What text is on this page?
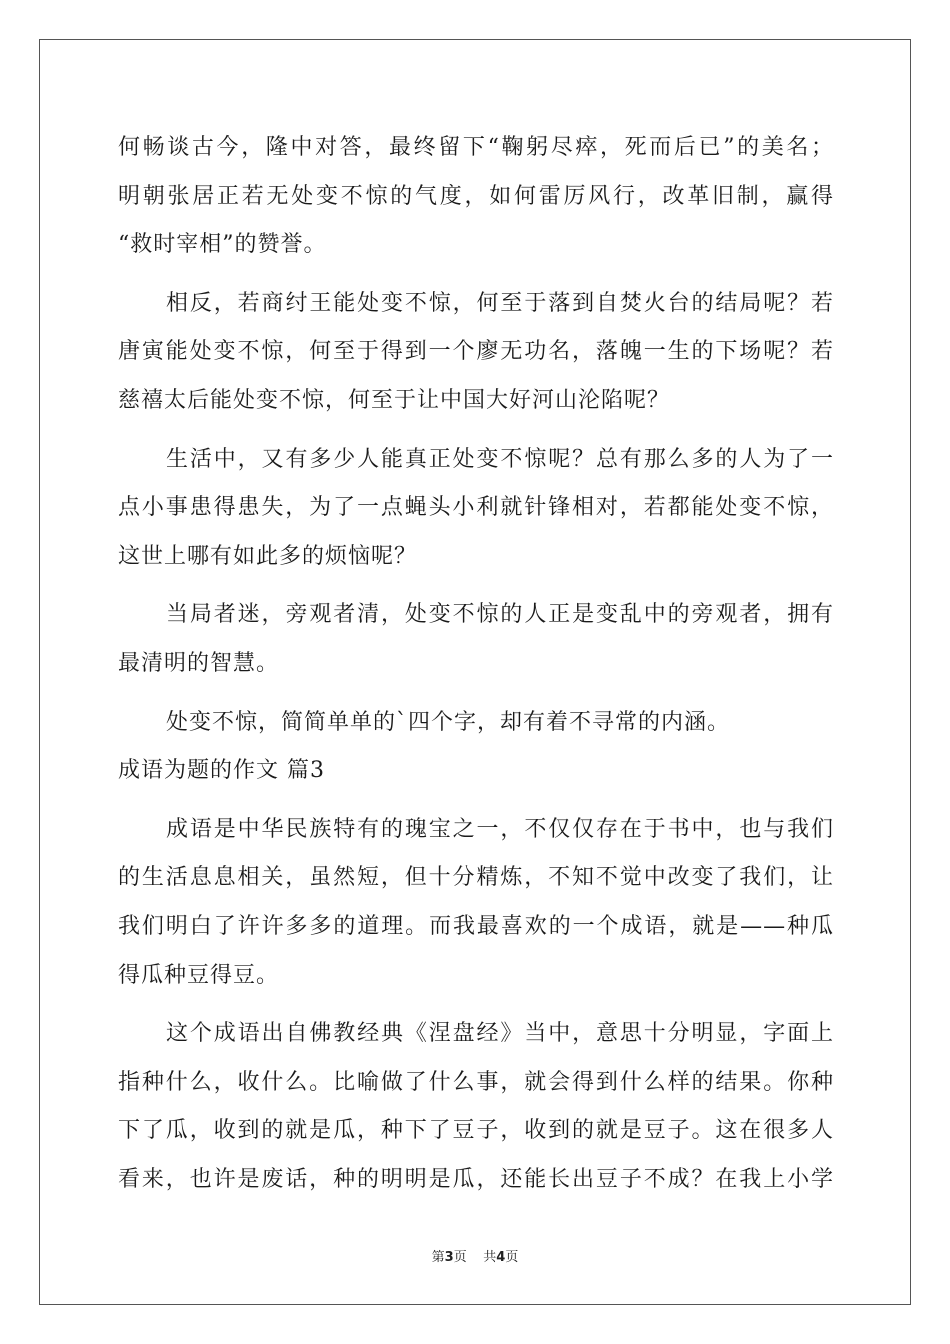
何畅谈古今，隆中对答，最终留下“鞠躬尽瘁，死而后已”的美名；
明朝张居正若无处变不惊的气度，如何雷厉风行，改革旧制，赢得
“救时宰相”的赞誉。
相反，若商纣王能处变不惊，何至于落到自焚火台的结局呢？若
唐寅能处变不惊，何至于得到一个廖无功名，落魄一生的下场呢？若
慈禧太后能处变不惊，何至于让中国大好河山沦陷呢？
生活中，又有多少人能真正处变不惊呢？总有那么多的人为了一
点小事患得患失，为了一点蝇头小利就针锋相对，若都能处变不惊，
这世上哪有如此多的烦恼呢？
当局者迷，旁观者清，处变不惊的人正是变乱中的旁观者，拥有
最清明的智慧。
处变不惊，简简单单的`四个字，却有着不寻常的内涵。
成语为题的作文 篇3
成语是中华民族特有的瑰宝之一，不仅仅存在于书中，也与我们
的生活息息相关，虽然短，但十分精炼，不知不觉中改变了我们，让
我们明白了许许多多的道理。而我最喜欢的一个成语，就是——种瓜
得瓜种豆得豆。
这个成语出自佛教经典《涅盘经》当中，意思十分明显，字面上
指种什么，收什么。比喻做了什么事，就会得到什么样的结果。你种
下了瓜，收到的就是瓜，种下了豆子，收到的就是豆子。这在很多人
看来，也许是废话，种的明明是瓜，还能长出豆子不成？在我上小学
第3页 共4页
